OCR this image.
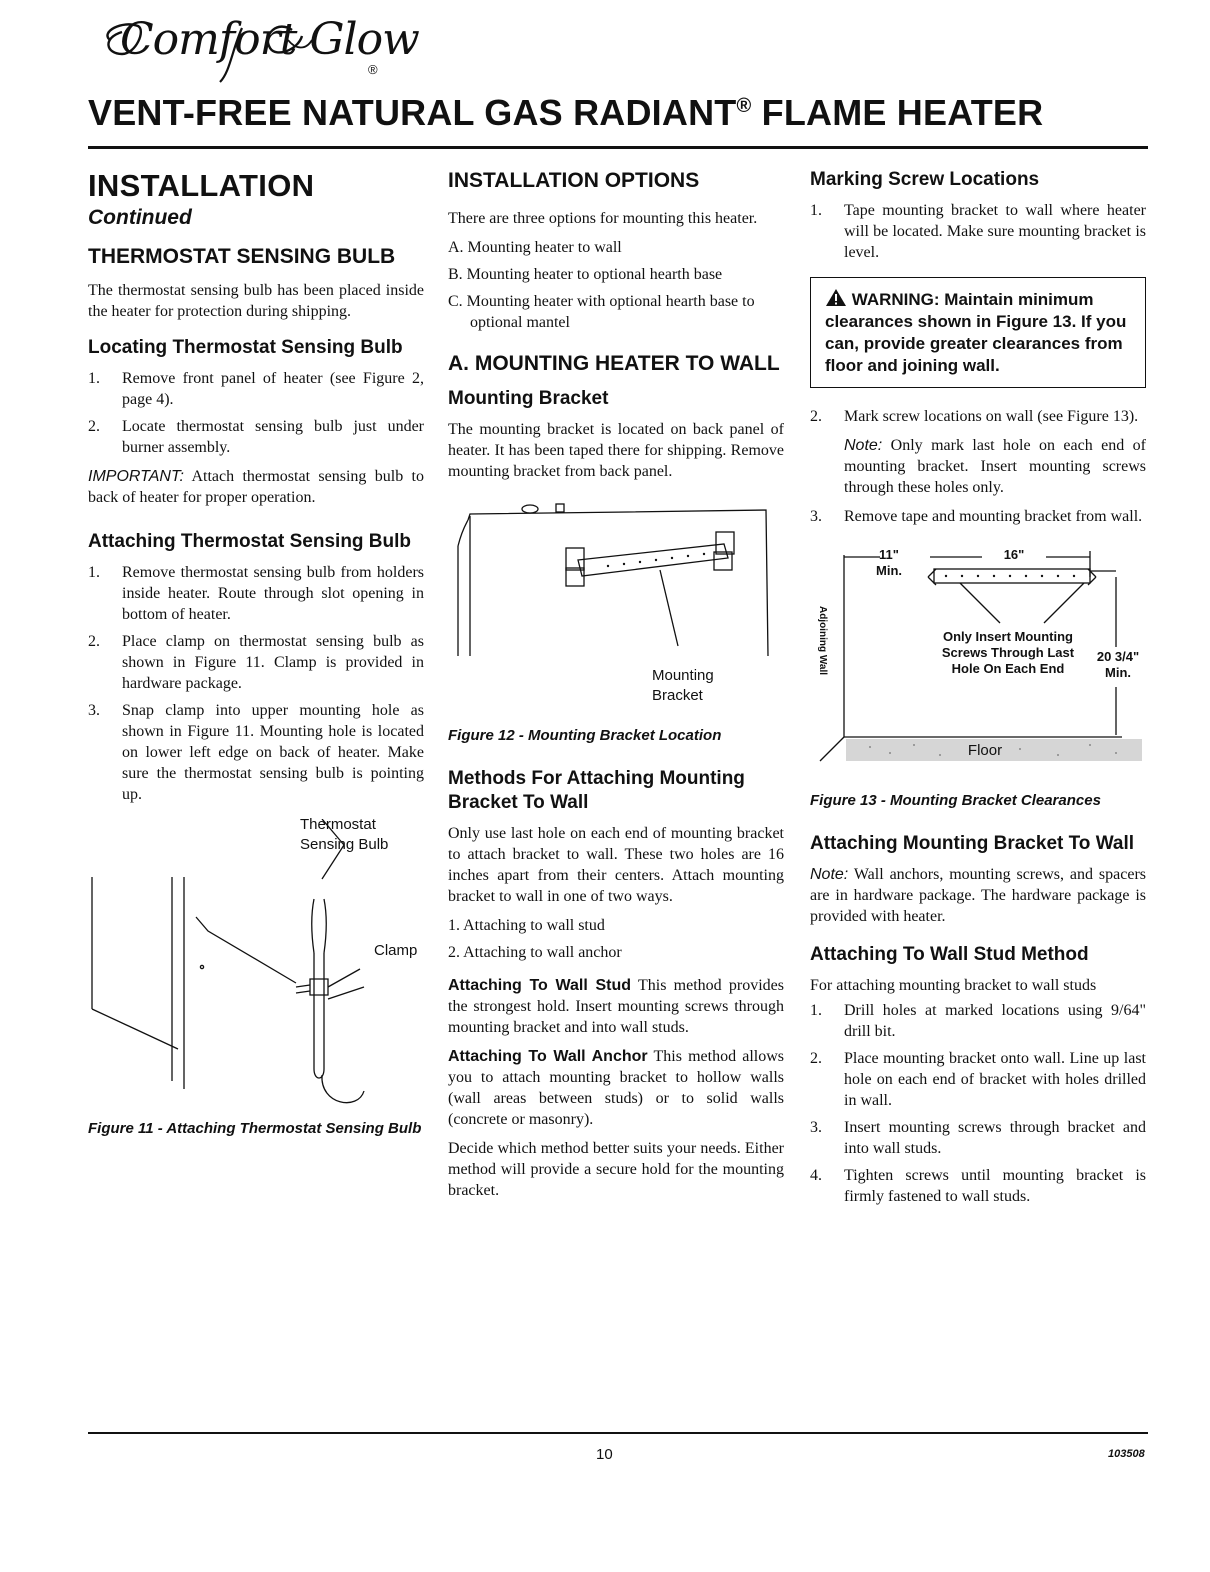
Comfort Glow
®
VENT-FREE NATURAL GAS RADIANT® FLAME HEATER
INSTALLATION
Continued
THERMOSTAT SENSING BULB

The thermostat sensing bulb has been placed inside the heater for protection during shipping.

Locating Thermostat Sensing Bulb
1. Remove front panel of heater (see Figure 2, page 4).
2. Locate thermostat sensing bulb just under burner assembly.

IMPORTANT: Attach thermostat sensing bulb to back of heater for proper operation.

Attaching Thermostat Sensing Bulb
1. Remove thermostat sensing bulb from holders inside heater. Route through slot opening in bottom of heater.
2. Place clamp on thermostat sensing bulb as shown in Figure 11. Clamp is provided in hardware package.
3. Snap clamp into upper mounting hole as shown in Figure 11. Mounting hole is located on lower left edge on back of heater. Make sure the thermostat sensing bulb is pointing up.
Thermostat
Sensing Bulb
Clamp

Figure 11 - Attaching Thermostat Sensing Bulb

INSTALLATION OPTIONS

There are three options for mounting this heater.

A. Mounting heater to wall
B. Mounting heater to optional hearth base
C. Mounting heater with optional hearth base to optional mantel
A. MOUNTING HEATER TO WALL
Mounting Bracket

The mounting bracket is located on back panel of heater. It has been taped there for shipping. Remove mounting bracket from back panel.

Mounting
Bracket

Figure 12 - Mounting Bracket Location

Methods For Attaching Mounting Bracket To Wall

Only use last hole on each end of mounting bracket to attach bracket to wall. These two holes are 16 inches apart from their centers. Attach mounting bracket to wall in one of two ways.

1. Attaching to wall stud
2. Attaching to wall anchor

Attaching To Wall Stud This method provides the strongest hold. Insert mounting screws through mounting bracket and into wall studs.

Attaching To Wall Anchor This method allows you to attach mounting bracket to hollow walls (wall areas between studs) or to solid walls (concrete or masonry).

Decide which method better suits your needs. Either method will provide a secure hold for the mounting bracket.

Marking Screw Locations
1. Tape mounting bracket to wall where heater will be located. Make sure mounting bracket is level.
WARNING: Maintain minimum clearances shown in Figure 13. If you can, provide greater clearances from floor and joining wall.
2. Mark screw locations on wall (see Figure 13).

Note: Only mark last hole on each end of mounting bracket. Insert mounting screws through these holes only.

3. Remove tape and mounting bracket from wall.
11"
Min.
16"
Only Insert Mounting
Screws Through Last
Hole On Each End
20 3/4"
Min.
Adjoining Wall
Floor

Figure 13 - Mounting Bracket Clearances

Attaching Mounting Bracket To Wall

Note: Wall anchors, mounting screws, and spacers are in hardware package. The hardware package is provided with heater.

Attaching To Wall Stud Method

For attaching mounting bracket to wall studs

1. Drill holes at marked locations using 9/64" drill bit.
2. Place mounting bracket onto wall. Line up last hole on each end of bracket with holes drilled in wall.
3. Insert mounting screws through bracket and into wall studs.
4. Tighten screws until mounting bracket is firmly fastened to wall studs.
10	103508
